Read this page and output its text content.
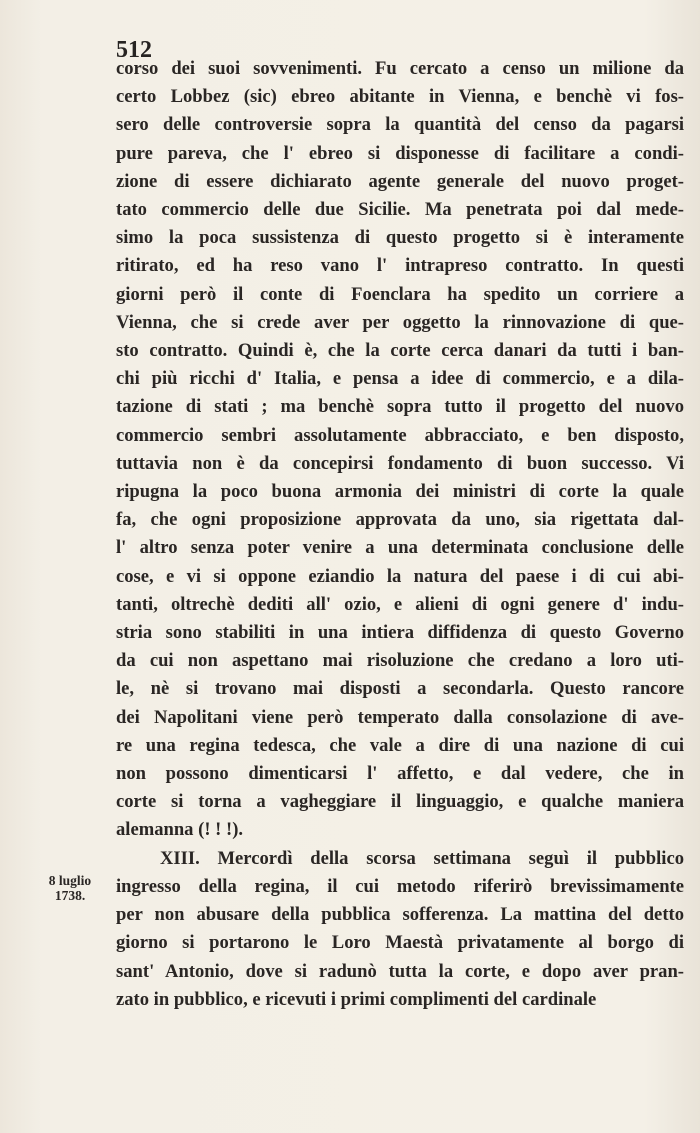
512
8 luglio
1738.

corso dei suoi sovvenimenti. Fu cercato a censo un milione da
certo Lobbez (sic) ebreo abitante in Vienna, e benchè vi fos-
sero delle controversie sopra la quantità del censo da pagarsi
pure pareva, che l' ebreo si disponesse di facilitare a condi-
zione di essere dichiarato agente generale del nuovo proget-
tato commercio delle due Sicilie. Ma penetrata poi dal mede-
simo la poca sussistenza di questo progetto si è interamente
ritirato, ed ha reso vano l' intrapreso contratto. In questi
giorni però il conte di Foenclara ha spedito un corriere a
Vienna, che si crede aver per oggetto la rinnovazione di que-
sto contratto. Quindi è, che la corte cerca danari da tutti i ban-
chi più ricchi d' Italia, e pensa a idee di commercio, e a dila-
tazione di stati ; ma benchè sopra tutto il progetto del nuovo
commercio sembri assolutamente abbracciato, e ben disposto,
tuttavia non è da concepirsi fondamento di buon successo. Vi
ripugna la poco buona armonia dei ministri di corte la quale
fa, che ogni proposizione approvata da uno, sia rigettata dal-
l' altro senza poter venire a una determinata conclusione delle
cose, e vi si oppone eziandio la natura del paese i di cui abi-
tanti, oltrechè dediti all' ozio, e alieni di ogni genere d' indu-
stria sono stabiliti in una intiera diffidenza di questo Governo
da cui non aspettano mai risoluzione che credano a loro uti-
le, nè si trovano mai disposti a secondarla. Questo rancore
dei Napolitani viene però temperato dalla consolazione di ave-
re una regina tedesca, che vale a dire di una nazione di cui
non possono dimenticarsi l' affetto, e dal vedere, che in
corte si torna a vagheggiare il linguaggio, e qualche maniera
alemanna (! ! !).

XIII. Mercordì della scorsa settimana seguì il pubblico
ingresso della regina, il cui metodo riferirò brevissimamente
per non abusare della pubblica sofferenza. La mattina del detto
giorno si portarono le Loro Maestà privatamente al borgo di
sant' Antonio, dove si radunò tutta la corte, e dopo aver pran-
zato in pubblico, e ricevuti i primi complimenti del cardinale
